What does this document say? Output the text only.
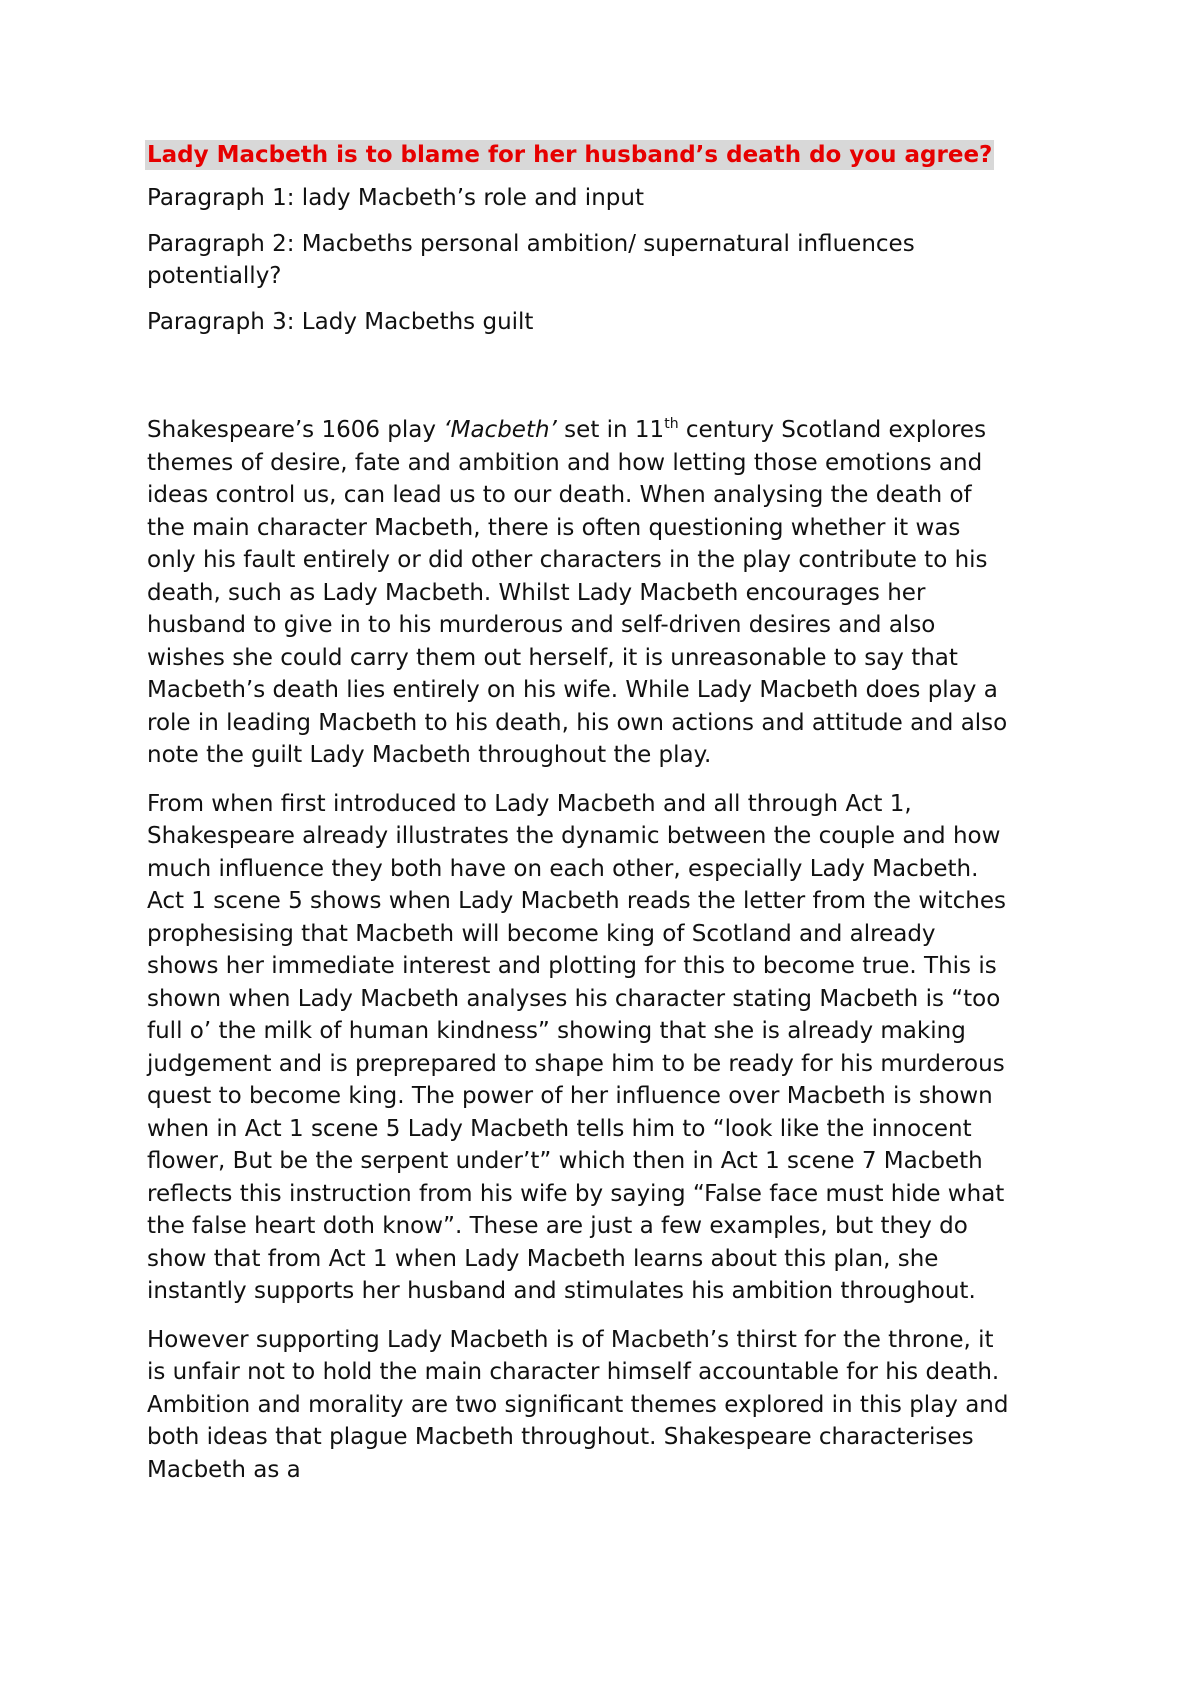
Lady Macbeth is to blame for her husband’s death do you agree?

Paragraph 1: lady Macbeth’s role and input

Paragraph 2: Macbeths personal ambition/ supernatural influences
potentially?

Paragraph 3: Lady Macbeths guilt

Shakespeare’s 1606 play ‘Macbeth’ set in 11th century Scotland explores
themes of desire, fate and ambition and how letting those emotions and
ideas control us, can lead us to our death. When analysing the death of
the main character Macbeth, there is often questioning whether it was
only his fault entirely or did other characters in the play contribute to his
death, such as Lady Macbeth. Whilst Lady Macbeth encourages her
husband to give in to his murderous and self-driven desires and also
wishes she could carry them out herself, it is unreasonable to say that
Macbeth’s death lies entirely on his wife. While Lady Macbeth does play a
role in leading Macbeth to his death, his own actions and attitude and also
note the guilt Lady Macbeth throughout the play.

From when first introduced to Lady Macbeth and all through Act 1,
Shakespeare already illustrates the dynamic between the couple and how
much influence they both have on each other, especially Lady Macbeth.
Act 1 scene 5 shows when Lady Macbeth reads the letter from the witches
prophesising that Macbeth will become king of Scotland and already
shows her immediate interest and plotting for this to become true. This is
shown when Lady Macbeth analyses his character stating Macbeth is “too
full o’ the milk of human kindness” showing that she is already making
judgement and is preprepared to shape him to be ready for his murderous
quest to become king. The power of her influence over Macbeth is shown
when in Act 1 scene 5 Lady Macbeth tells him to “look like the innocent
flower, But be the serpent under’t” which then in Act 1 scene 7 Macbeth
reflects this instruction from his wife by saying “False face must hide what
the false heart doth know”. These are just a few examples, but they do
show that from Act 1 when Lady Macbeth learns about this plan, she
instantly supports her husband and stimulates his ambition throughout.

However supporting Lady Macbeth is of Macbeth’s thirst for the throne, it
is unfair not to hold the main character himself accountable for his death.
Ambition and morality are two significant themes explored in this play and
both ideas that plague Macbeth throughout. Shakespeare characterises
Macbeth as a
